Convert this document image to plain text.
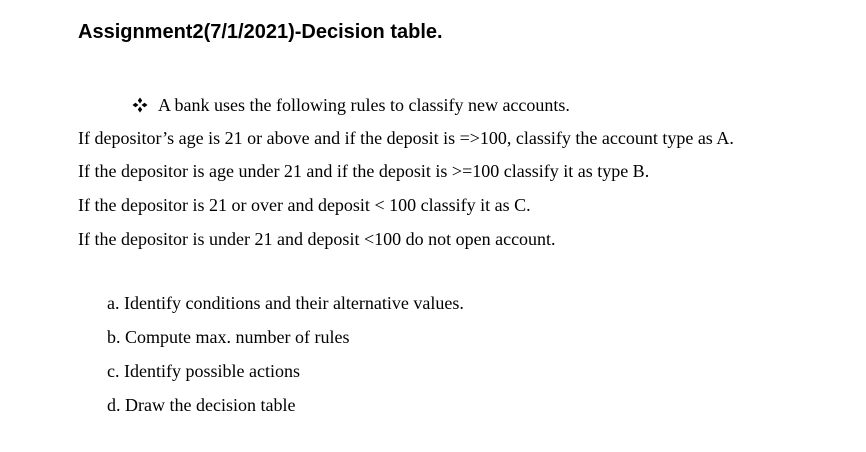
Assignment2(7/1/2021)-Decision table.
A bank uses the following rules to classify new accounts.
If depositor’s age is 21 or above and if the deposit is =>100, classify the account type as A.
If the depositor is age under 21 and if the deposit is >=100 classify it as type B.
If the depositor is 21 or over and deposit < 100 classify it as C.
If the depositor is under 21 and deposit <100 do not open account.
a. Identify conditions and their alternative values.
b. Compute max. number of rules
c. Identify possible actions
d. Draw the decision table
